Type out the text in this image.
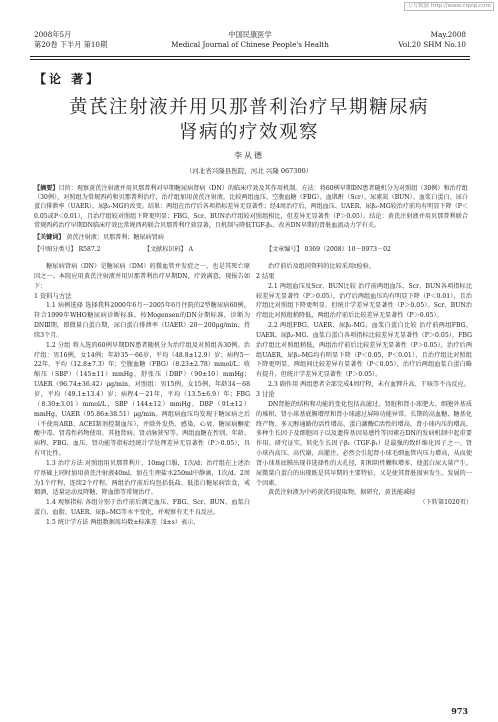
万方数据 http://www.cqvip.com
2008年5月
第20卷 下半月 第10期
中国民康医学
Medical Journal of Chinese People's Health
May.2008
Vol.20 SHM No.10
【论 著】
黄芪注射液并用贝那普利治疗早期糖尿病
肾病的疗效观察
李从德
（河北省兴隆县医院，河北 兴隆 067300）
【摘要】目的：观察黄芪注射液并用贝那普利对早期糖尿病肾病（DN）的临床疗效及其作用机制。方法：将60例早期DN患者随机分为对照组（30例）和治疗组（30例），对照组为常规西药和贝那普利治疗，治疗组加用黄芪注射液。比较两组血压、空腹血糖（FBG）、血肌酐（Scr）、尿素氮（BUN）、血浆白蛋白、尿白蛋白排泄率（UAER）、尿β₂-MG的改变。结果：两组在治疗后各项指标差异无显著性；经4周治疗后，两组血压、UAER、尿β₂-MG较治疗前均有明显下降（P＜0.05或P＜0.01），且治疗组较对照组下降更明显；FBG、Scr、BUN治疗组较对照组相比，但差异无显著性（P＞0.05）。结论：黄芪注射液并用贝那普利联合常规西药治疗早期DN临床疗效比常规西药联合贝那普利疗效显著，且机制与降低TGF-β₁、改善DN早期的肾脏血流动力学有关。
【关键词】 黄芪注射液；贝那普利；糖尿病肾病
【中图分类号】 R587.2	【文献标识码】 A	【文章编号】 0369（2008）10－0973－02

糖尿病肾病（DN）是糖尿病（DM）的微血管并发症之一，也是其死亡原因之一。本院应用黄芪注射液并用贝那普利治疗早期DN，疗效满意，现报告如下：

1 资料与方法

1.1 病例选择 选择我科2000年6月～2005年6月住院的2型糖尿病60例，符合1999年WHO糖尿病诊断标准，按Mogensen的DN分期标准，诊断为DNⅢ期，即微量白蛋白期，尿白蛋白排泄率（UAER）20～200μg/min，持续3个月。

1.2 分组 将入选的60例早期DN患者随机分为治疗组及对照组各30例。治疗组：男16例，女14例；年龄35～66岁，平均（48.8±12.9）岁；病程5～22年，平均（12.8±7.3）年；空腹血糖（FBG）（8.23±2.78）mmol/L；收缩压（SBP）（145±11）mmHg，舒张压（DBP）（90±10）mmHg；UAER（96.74±36.42）μg/min。对照组：男15例，女15例，年龄34～68岁，平均（49.1±13.4）岁；病程4～21年，平均（13.5±6.9）年；FBG（8.30±3.01）mmol/L，SBP（144±12）mmHg，DBP（91±12）mmHg，UAER（95.86±38.51）μg/min。两组病血压均发现于糖尿病之后（不使用ARB、ACEI制剂控制血压），并除外发热、感染、心衰、糖尿病酮症酸中毒、肾毒性药物使用、其他肾病、肾动脉狭窄等。两组血糖在性别、年龄、病程、FBG、血压、肾功能等指标经统计学处理差异无显著性（P＞0.05），具有可比性。

1.3 治疗方法 对照组用贝那普利片，10mg口服，1次/d；治疗组在上述治疗基础上同时加用黄芪注射液40ml，加在生理盐水250ml中静滴，1次/d。2周为1个疗程，连续2个疗程。两组治疗前后均包括低盐、低蛋白糖尿病饮食，戒烟酒，适量运动及降糖、降血脂等常规治疗。

1.4 观察指标 各组分别于治疗前后测定血压、FBG、Scr、BUN、血浆白蛋白、血脂、UAER、尿β₂-MG等水平变化，并观察有无不良反应。

1.5 统计学方法 两组数据用均数±标准差（x̄±s）表示，

治疗前后及组间资料的比较采用t检验。

2 结果

2.1 两组血压及Scr、BUN比较 治疗前两组血压、Scr、BUN各项指标比较差异无显著性（P＞0.05），治疗后两组血压均有明显下降（P＜0.01），且治疗组比对照组下降更明显，但统计学差异无显著性（P＞0.05）。Scr、BUN治疗组比对照组稍降低，两组治疗前后比较差异无显著性（P＞0.05）。

2.2 两组FBG、UAER、尿β₂-MG、血浆白蛋白比较 治疗前两组FBG、UAER、尿β₂-MG、血浆白蛋白各项指标比较差异无显著性（P＞0.05），FBG治疗组比对照组稍低，两组治疗前后比较差异无显著性（P＞0.05），治疗后两组UAER、尿β₂-MG均有明显下降（P＜0.05，P＜0.01），且治疗组比对照组下降更明显。两组间比较差异有显著性（P＜0.05），治疗后两组血浆白蛋白略有提升，但统计学差异无显著性（P＞0.05）。

2.3 副作用 两组患者全部完成4周疗程，未有血钾升高、干咳等不良反应。

3 讨论

DN肾脏的结构和功能的变化包括高滤过、肾脏和肾小球肥大、细胞外基质的堆积、肾小球基底膜增厚和肾小球滤过屏障功能异常。长期的高血糖、糖基化终产物、多元醇通路的活性增高、蛋白激酶C活性的增高、肾小球内压的增高、多种生长因子及细胞因子以及遗传基因易感性等因素在DN的发病机制中起重要作用。研究证实，转化生长因子β₁（TGF-β₁）是最强的致纤维化因子之一。肾小球内高压、高代谢、高灌注，必然会引起肾小球毛细血管内压力增高，从而使肾小球基底膜出现非选择性的大孔径，阳和阴性颗粒增多，使蛋白尿大量产生。尿微量白蛋白的出现既是其早期的主要特征，又是使其肾脏损害发生、发展的一个因素。

黄芪注射液为中药黄芪的提取物，据研究，黄芪能减轻

（下转第1020页）

973
